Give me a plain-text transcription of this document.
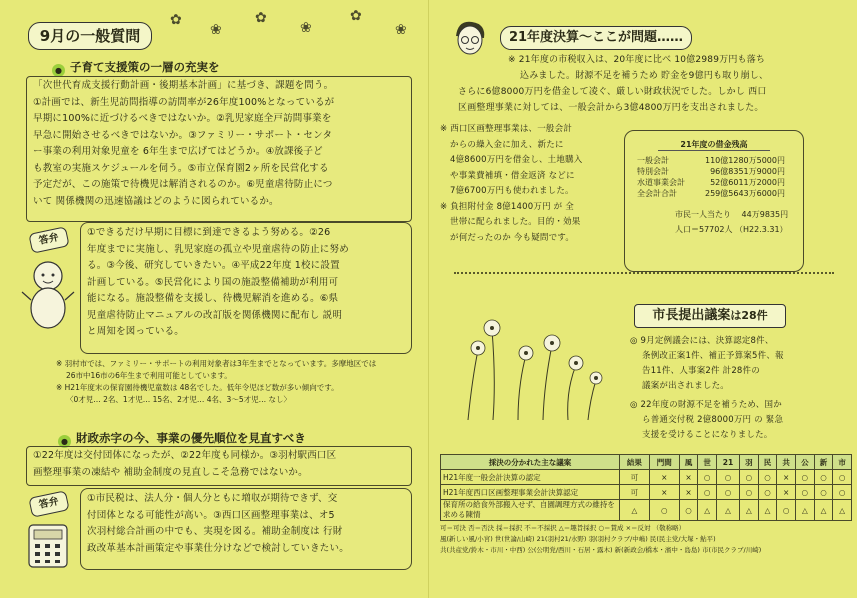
9月の一般質問
✿
❀
✿
❀
✿
❀
● 子育て支援策の一層の充実を
「次世代育成支援行動計画・後期基本計画」に基づき、課題を問う。
①計画では、新生児訪問指導の訪問率が26年度100%となっているが
早期に100%に近づけるべきではないか。②乳児家庭全戸訪問事業を
早急に開始させるべきではないか。③ファミリー・サポート・センタ
ー事業の利用対象児童を 6年生まで広げてはどうか。④放課後子ど
も教室の実施スケジュールを伺う。⑤市立保育園2ヶ所を民営化する
予定だが、この施策で待機児は解消されるのか。⑥児童虐待防止につ
いて 関係機関の迅速協議はどのように図られているか。
答弁	①できるだけ早期に目標に到達できるよう努める。②26
年度までに実施し、乳児家庭の孤立や児童虐待の防止に努め
る。③今後、研究していきたい。④平成22年度 1校に設置
計画している。⑤民営化により国の施設整備補助が利用可
能になる。施設整備を支援し、待機児解消を進める。⑥県
児童虐待防止マニュアルの改訂版を関係機関に配布し 説明
と周知を図っている。
※ 羽村市では、ファミリー・サポートの利用対象者は3年生までとなっています。多摩地区では
26市中16市の6年生まで利用可能としています。
※ H21年度末の保育園待機児童数は 48名でした。低年令児ほど数が多い傾向です。
〈0才児… 2名、1才児… 15名、2才児… 4名、3～5才児… なし〉
● 財政赤字の今、事業の優先順位を見直すべき
①22年度は交付団体になったが、②22年度も同様か。③羽村駅西口区
画整理事業の凍結や 補助金制度の見直しこそ急務ではないか。
答弁	①市民税は、法人分・個人分ともに増収が期待できず、交
付団体となる可能性が高い。③西口区画整理事業は、オ5
次羽村総合計画の中でも、実現を図る。補助金制度は 行財
政改革基本計画策定や事業仕分けなどで検討していきたい。
21年度決算～ここが問題……
※ 21年度の市税収入は、20年度に比べ 10億2989万円も落ち
込みました。財源不足を補うため 貯金を9億円も取り崩し、
さらに6億8000万円を借金して凌ぐ、厳しい財政状況でした。しかし 西口
区画整理事業に対しては、一般会計から3億4800万円を支出されました。
※ 西口区画整理事業は、一般会計
からの繰入金に加え、新たに
4億8600万円を借金し、土地購入
や事業費補填・借金返済 などに
7億6700万円も使われました。
※ 負担附付金 8億1400万円 が 全
世帯に配られました。目的・効果
が何だったのか 今も疑問です。
21年度の借金残高
一般会計	110億1280万5000円
特別会計	96億8351万9000円
水道事業会計	52億6011万2000円
全会計合計	259億5643万6000円
市民一人当たり 44万9835円
人口＝57702人 （H22.3.31）
市長提出議案は28件
◎ 9月定例議会には、決算認定8件、
条例改正案1件、補正予算案5件、報
告11件、人事案2件 計28件の
議案が出されました。
◎ 22年度の財源不足を補うため、国か
ら普通交付税 2億8000万円 の 緊急
支援を受けることになりました。
採決の分かれた主な議案	結果	門間	風	世	21	羽	民	共	公	新	市
H21年度一般会計決算の認定	可	×	×	○	○	○	○	×	○	○	○
H21年度西口区画整理事業会計決算認定	可	×	×	○	○	○	○	×	○	○	○
保育所の給食外部搬入せず、自園調理方式の維持を求める陳情	△	○	○	△	△	△	△	○	△	△	△
可＝可決 否＝否決 採＝採択 不＝不採択 △＝趣旨採択 ○＝賛成 ×＝反対 （敬称略）
風(新しい風/小宮) 世(世論/山崎) 21(羽村21/水野) 羽(羽村クラブ/中嶋) 民(民主党/大塚・鮎平)
共(共産党/鈴木・市川・中西) 公(公明党/西川・石居・露木) 新(新政会/橋本・濱中・島島) 市(市民クラブ/川崎)
